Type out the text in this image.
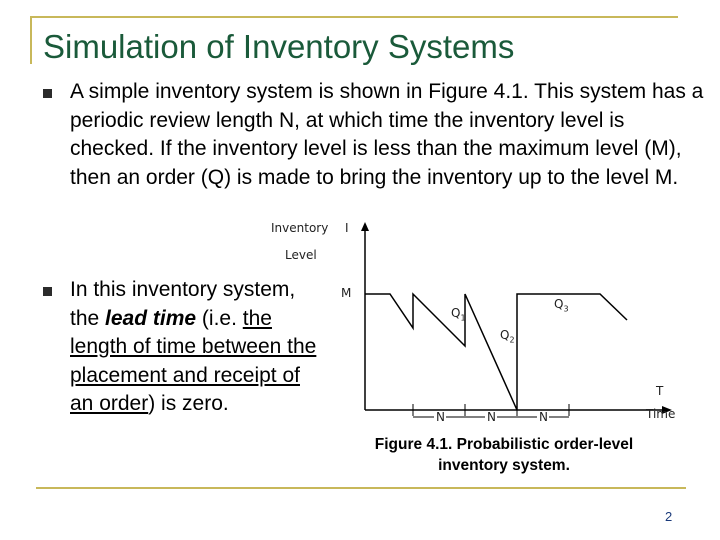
Simulation of Inventory Systems
A simple inventory system is shown in Figure 4.1. This system has a periodic review length N, at which time the inventory level is checked. If the inventory level is less than the maximum level (M), then an order (Q) is made to bring the inventory up to the level M.
In this inventory system, the lead time (i.e. the length of time between the placement and receipt of an order) is zero.
Inventory I
Level
M
$Q_1$
$Q_2$
$Q_3$
T
Time
N	N	N
Figure 4.1. Probabilistic order-level
inventory system.
2
